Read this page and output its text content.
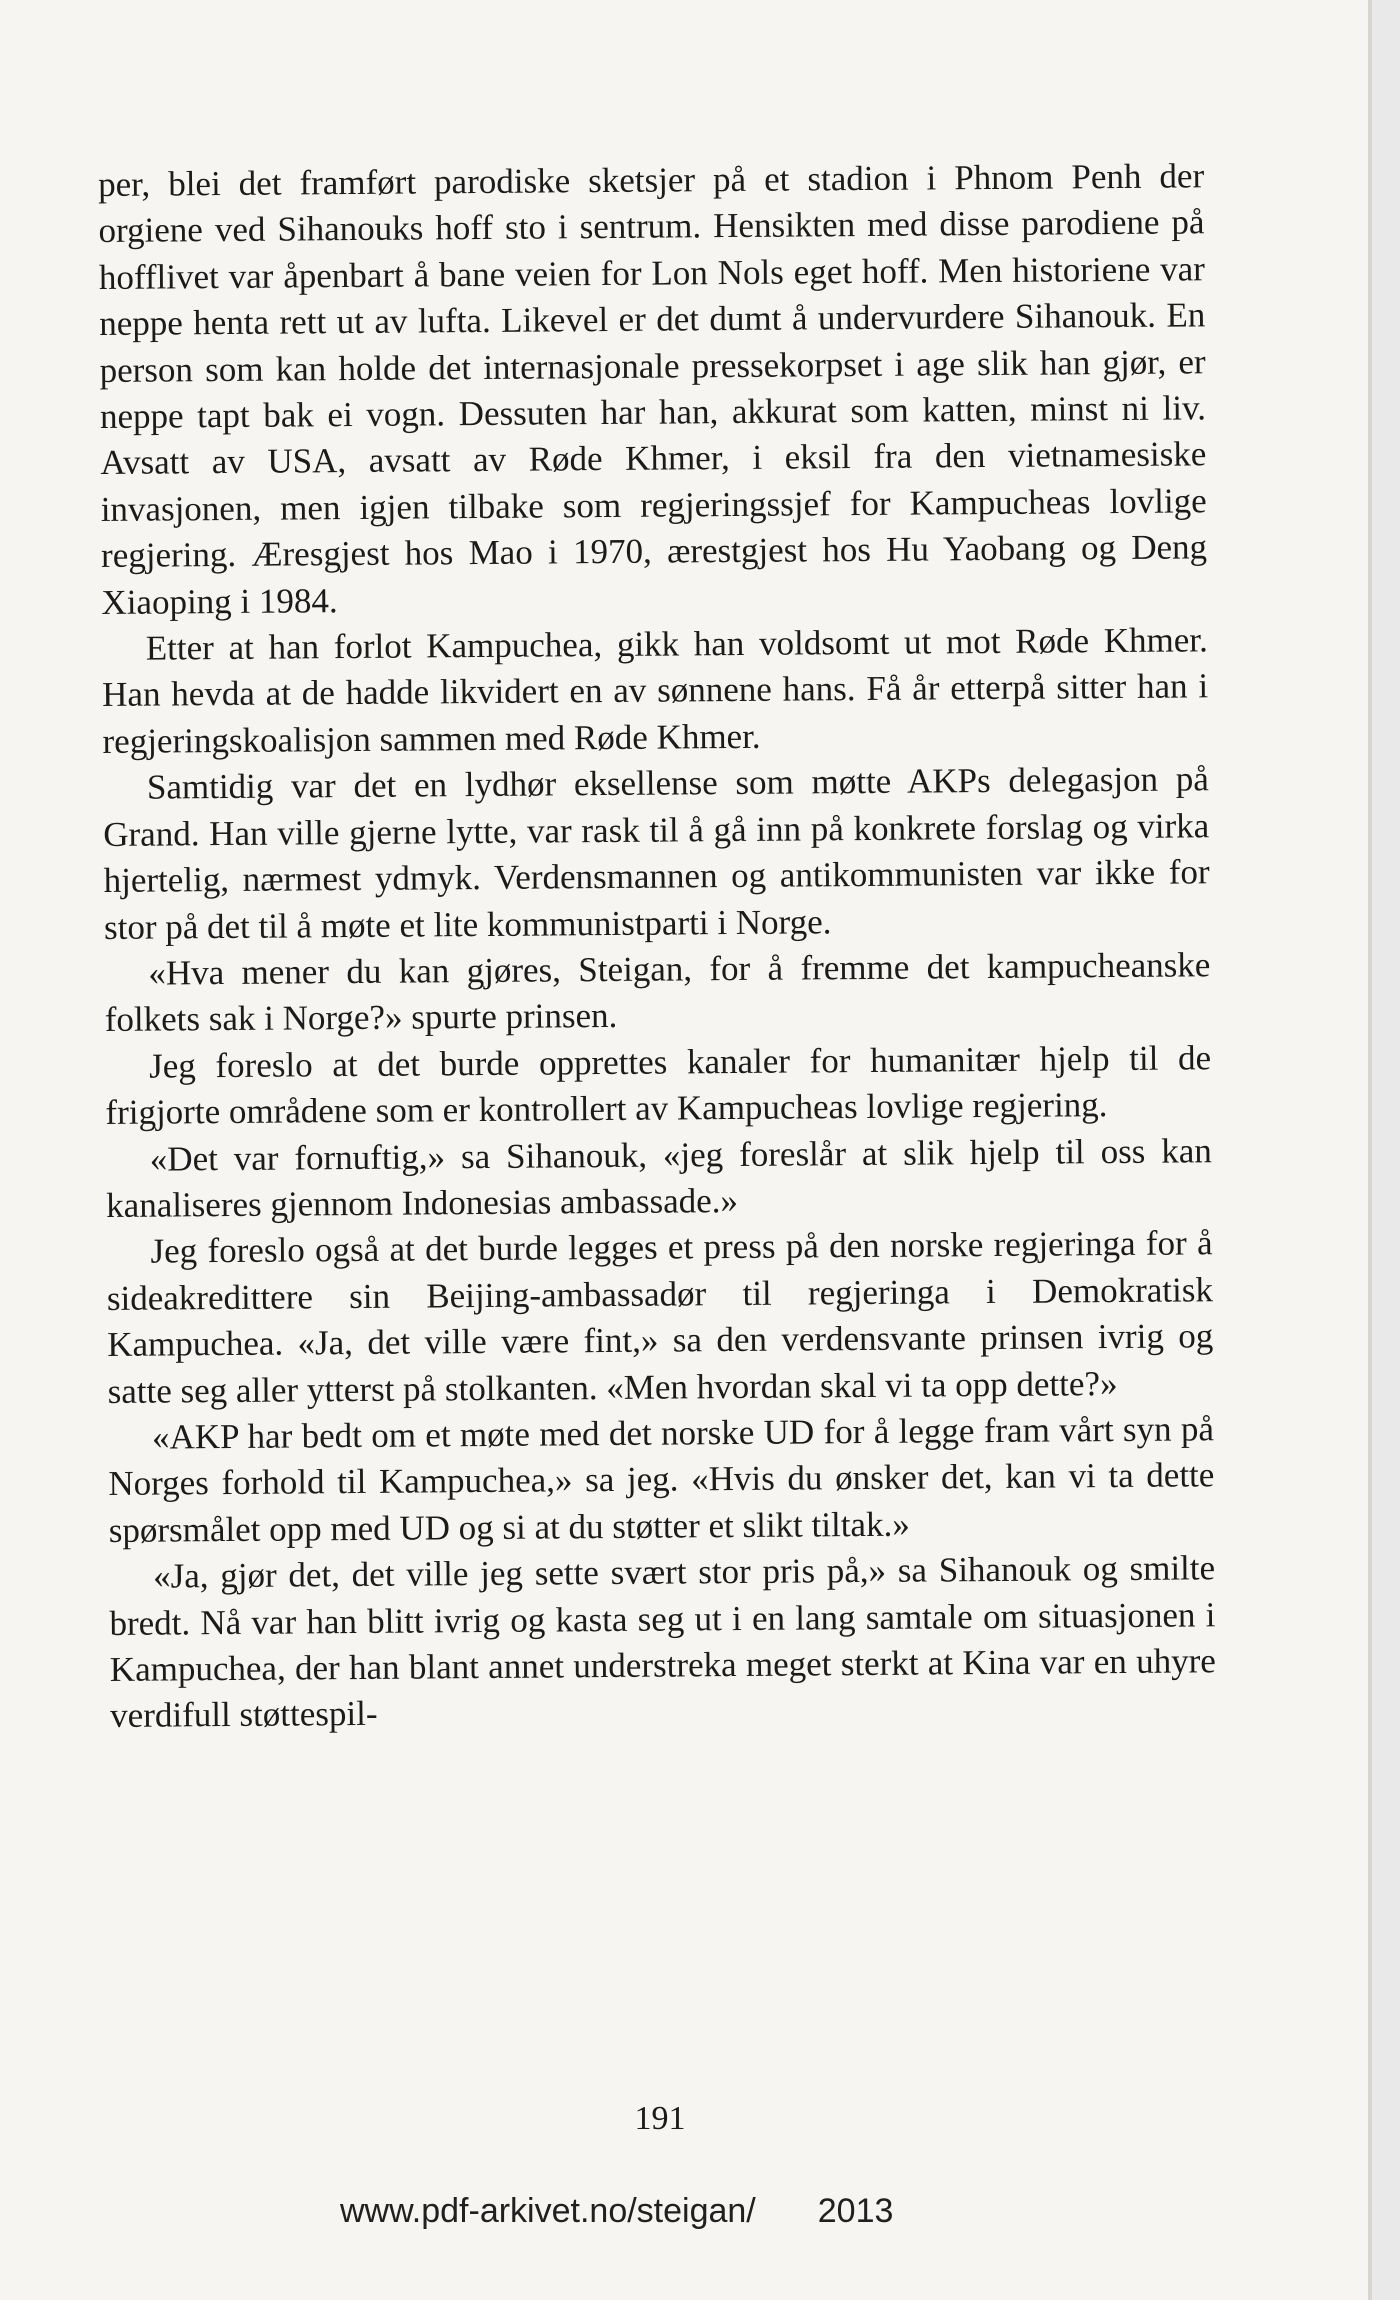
per, blei det framført parodiske sketsjer på et stadion i Phnom Penh der orgiene ved Sihanouks hoff sto i sentrum. Hensikten med disse parodiene på hofflivet var åpenbart å bane veien for Lon Nols eget hoff. Men historiene var neppe henta rett ut av lufta. Likevel er det dumt å undervurdere Sihanouk. En person som kan holde det internasjonale pressekorpset i age slik han gjør, er neppe tapt bak ei vogn. Dessuten har han, akkurat som katten, minst ni liv. Avsatt av USA, avsatt av Røde Khmer, i eksil fra den vietnamesiske invasjonen, men igjen tilbake som regjeringssjef for Kampucheas lovlige regjering. Æresgjest hos Mao i 1970, ærestgjest hos Hu Yaobang og Deng Xiaoping i 1984.

Etter at han forlot Kampuchea, gikk han voldsomt ut mot Røde Khmer. Han hevda at de hadde likvidert en av sønnene hans. Få år etterpå sitter han i regjeringskoalisjon sammen med Røde Khmer.

Samtidig var det en lydhør eksellense som møtte AKPs delegasjon på Grand. Han ville gjerne lytte, var rask til å gå inn på konkrete forslag og virka hjertelig, nærmest ydmyk. Verdensmannen og antikommunisten var ikke for stor på det til å møte et lite kommunistparti i Norge.

«Hva mener du kan gjøres, Steigan, for å fremme det kampucheanske folkets sak i Norge?» spurte prinsen.

Jeg foreslo at det burde opprettes kanaler for humanitær hjelp til de frigjorte områdene som er kontrollert av Kampucheas lovlige regjering.

«Det var fornuftig,» sa Sihanouk, «jeg foreslår at slik hjelp til oss kan kanaliseres gjennom Indonesias ambassade.»

Jeg foreslo også at det burde legges et press på den norske regjeringa for å sideakredittere sin Beijing-ambassadør til regjeringa i Demokratisk Kampuchea. «Ja, det ville være fint,» sa den verdensvante prinsen ivrig og satte seg aller ytterst på stolkanten. «Men hvordan skal vi ta opp dette?»

«AKP har bedt om et møte med det norske UD for å legge fram vårt syn på Norges forhold til Kampuchea,» sa jeg. «Hvis du ønsker det, kan vi ta dette spørsmålet opp med UD og si at du støtter et slikt tiltak.»

«Ja, gjør det, det ville jeg sette svært stor pris på,» sa Sihanouk og smilte bredt. Nå var han blitt ivrig og kasta seg ut i en lang samtale om situasjonen i Kampuchea, der han blant annet understreka meget sterkt at Kina var en uhyre verdifull støttespil-

191
www.pdf-arkivet.no/steigan/ 2013
